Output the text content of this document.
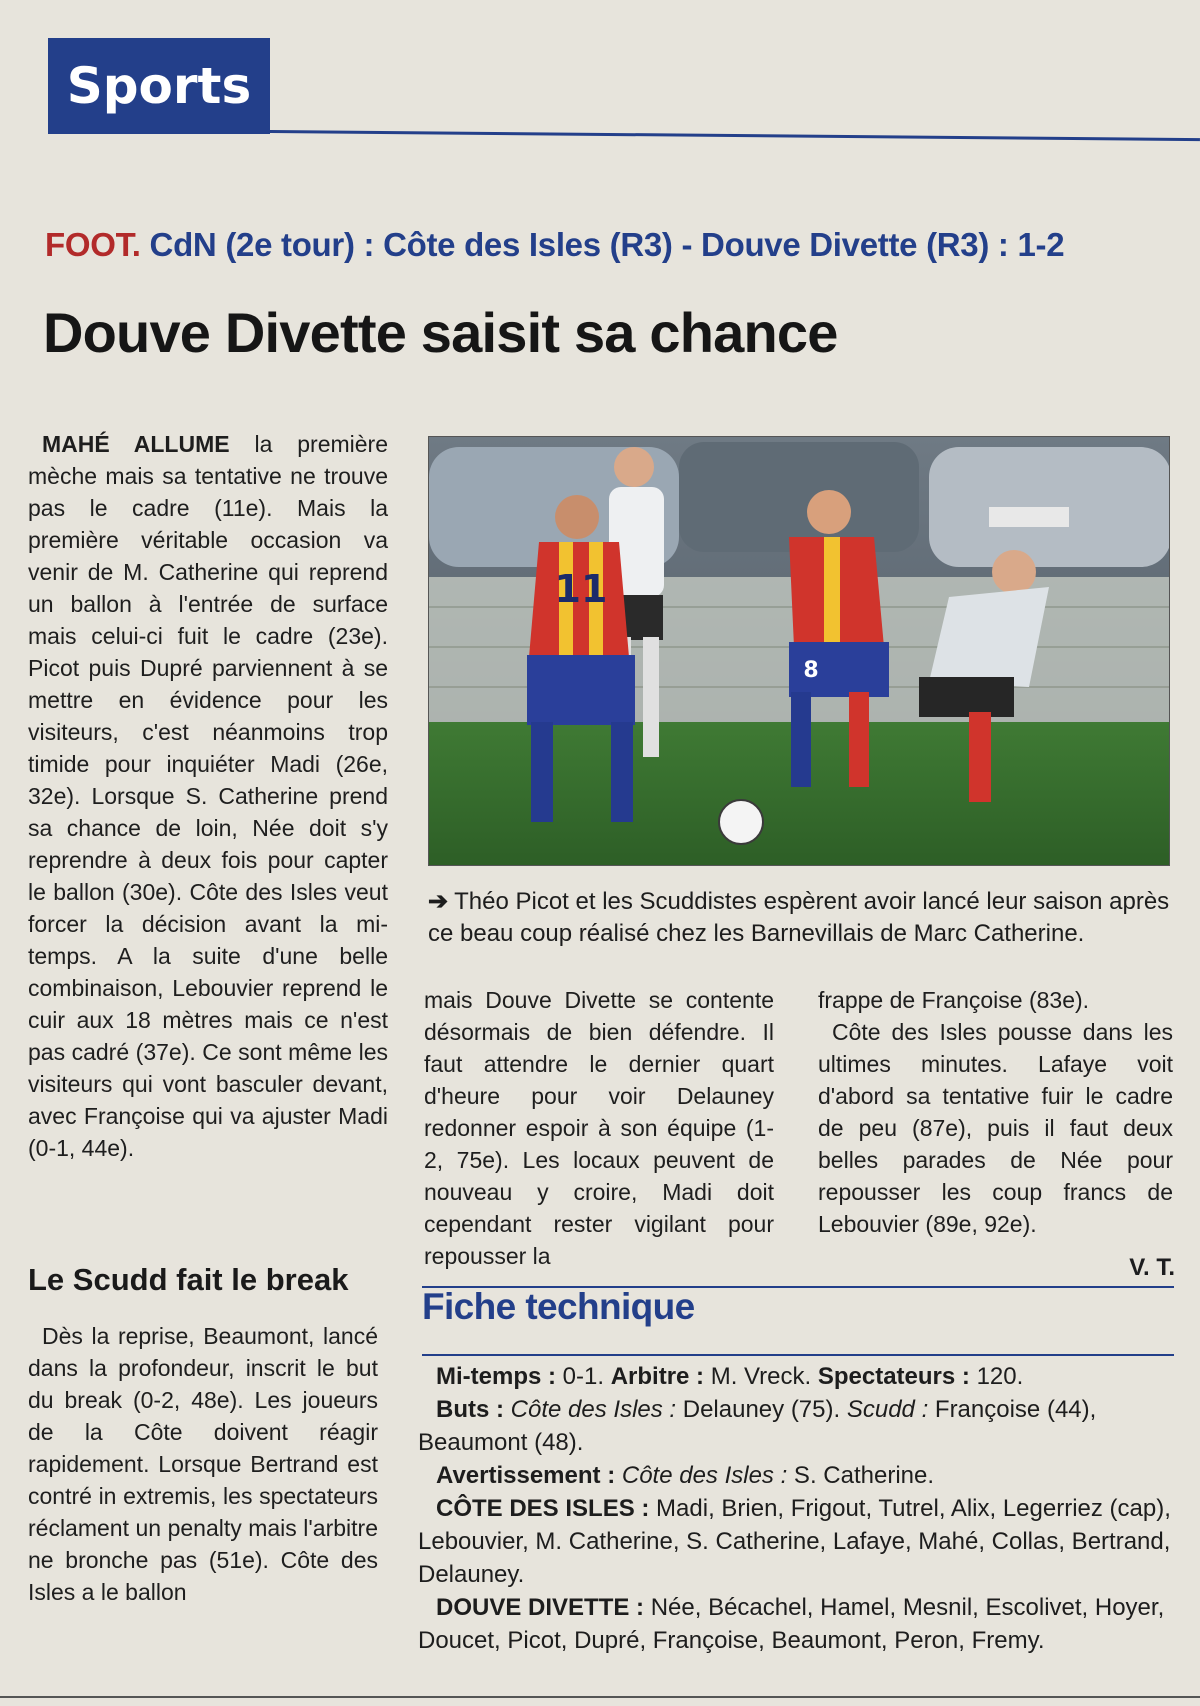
Sports
FOOT. CdN (2e tour) : Côte des Isles (R3) - Douve Divette (R3) : 1-2
Douve Divette saisit sa chance

MAHÉ ALLUME la première mèche mais sa tentative ne trouve pas le cadre (11e). Mais la première véritable occasion va venir de M. Catherine qui reprend un ballon à l'entrée de surface mais celui-ci fuit le cadre (23e). Picot puis Dupré parviennent à se mettre en évidence pour les visiteurs, c'est néanmoins trop timide pour inquiéter Madi (26e, 32e). Lorsque S. Catherine prend sa chance de loin, Née doit s'y reprendre à deux fois pour capter le ballon (30e). Côte des Isles veut forcer la décision avant la mi-temps. A la suite d'une belle combinaison, Lebouvier reprend le cuir aux 18 mètres mais ce n'est pas cadré (37e). Ce sont même les visiteurs qui vont basculer devant, avec Françoise qui va ajuster Madi (0-1, 44e).

Le Scudd fait le break

Dès la reprise, Beaumont, lancé dans la profondeur, inscrit le but du break (0-2, 48e). Les joueurs de la Côte doivent réagir rapidement. Lorsque Bertrand est contré in extremis, les spectateurs réclament un penalty mais l'arbitre ne bronche pas (51e). Côte des Isles a le ballon

11
8
➔ Théo Picot et les Scuddistes espèrent avoir lancé leur saison après ce beau coup réalisé chez les Barnevillais de Marc Catherine.

mais Douve Divette se contente désormais de bien défendre. Il faut attendre le dernier quart d'heure pour voir Delauney redonner espoir à son équipe (1-2, 75e). Les locaux peuvent de nouveau y croire, Madi doit cependant rester vigilant pour repousser la

frappe de Françoise (83e).

Côte des Isles pousse dans les ultimes minutes. Lafaye voit d'abord sa tentative fuir le cadre de peu (87e), puis il faut deux belles parades de Née pour repousser les coup francs de Lebouvier (89e, 92e).

V. T.
Fiche technique

Mi-temps : 0-1. Arbitre : M. Vreck. Spectateurs : 120.

Buts : Côte des Isles : Delauney (75). Scudd : Françoise (44), Beaumont (48).

Avertissement : Côte des Isles : S. Catherine.

CÔTE DES ISLES : Madi, Brien, Frigout, Tutrel, Alix, Legerriez (cap), Lebouvier, M. Catherine, S. Catherine, Lafaye, Mahé, Collas, Bertrand, Delauney.

DOUVE DIVETTE : Née, Bécachel, Hamel, Mesnil, Escolivet, Hoyer, Doucet, Picot, Dupré, Françoise, Beaumont, Peron, Fremy.
